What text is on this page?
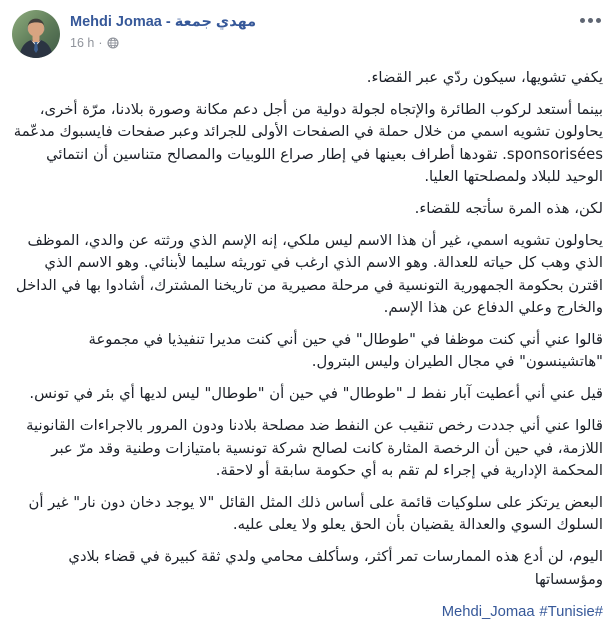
Mehdi Jomaa - مهدي جمعة
16 h ·

يكفي تشويها، سيكون ردّي عبر القضاء.

بينما أستعد لركوب الطائرة والإتجاه لجولة دولية من أجل دعم مكانة وصورة بلادنا، مرّة أخرى، يحاولون تشويه اسمي من خلال حملة في الصفحات الأولى للجرائد وعبر صفحات فايسبوك مدعّمة sponsorisées. تقودها أطراف بعينها في إطار صراع اللوبيات والمصالح متناسين أن انتمائي الوحيد للبلاد ولمصلحتها العليا.

لكن، هذه المرة سأتجه للقضاء.

يحاولون تشويه اسمي، غير أن هذا الاسم ليس ملكي، إنه الإسم الذي ورثته عن والدي، الموظف الذي وهب كل حياته للعدالة. وهو الاسم الذي ارغب في توريثه سليما لأبنائي. وهو الاسم الذي اقترن بحكومة الجمهورية التونسية في مرحلة مصيرية من تاريخنا المشترك، أشادوا بها في الداخل والخارج وعلي الدفاع عن هذا الإسم.

قالوا عني أني كنت موظفا في "طوطال" في حين أني كنت مديرا تنفيذيا في مجموعة "هاتشينسون" في مجال الطيران وليس البترول.

قيل عني أني أعطيت آبار نفط لـ "طوطال" في حين أن "طوطال" ليس لديها أي بئر في تونس.

قالوا عني أني جددت رخص تنقيب عن النفط ضد مصلحة بلادنا ودون المرور بالاجراءات القانونية اللازمة، في حين أن الرخصة المثارة كانت لصالح شركة تونسية بامتيازات وطنية وقد مرّ عبر المحكمة الإدارية في إجراء لم تقم به أي حكومة سابقة أو لاحقة.

البعض يرتكز على سلوكيات قائمة على أساس ذلك المثل القائل "لا يوجد دخان دون نار" غير أن السلوك السوي والعدالة يقضيان بأن الحق يعلو ولا يعلى عليه.

اليوم، لن أدع هذه الممارسات تمر أكثر، وسأكلف محامي ولدي ثقة كبيرة في قضاء بلادي ومؤسساتها

#Mehdi_Jomaa #Tunisie
